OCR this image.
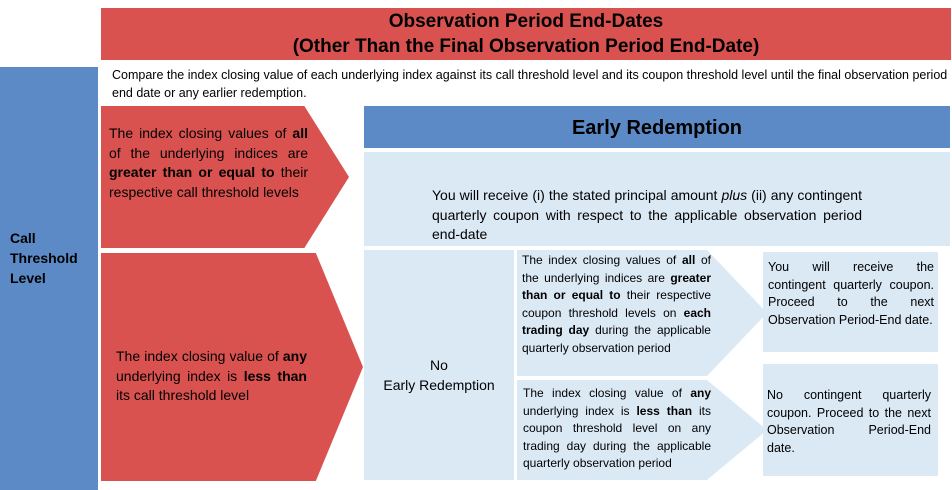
Observation Period End-Dates
(Other Than the Final Observation Period End-Date)
Call Threshold Level
Compare the index closing value of each underlying index against its call threshold level and its coupon threshold level until the final observation period end date or any earlier redemption.
The index closing values of all of the underlying indices are greater than or equal to their respective call threshold levels
The index closing value of any underlying index is less than its call threshold level
Early Redemption
You will receive (i) the stated principal amount plus (ii) any contingent quarterly coupon with respect to the applicable observation period end-date
No
Early Redemption
The index closing values of all of the underlying indices are greater than or equal to their respective coupon threshold levels on each trading day during the applicable quarterly observation period
The index closing value of any underlying index is less than its coupon threshold level on any trading day during the applicable quarterly observation period
You will receive the contingent quarterly coupon. Proceed to the next Observation Period-End date.
No contingent quarterly coupon. Proceed to the next Observation Period-End date.
